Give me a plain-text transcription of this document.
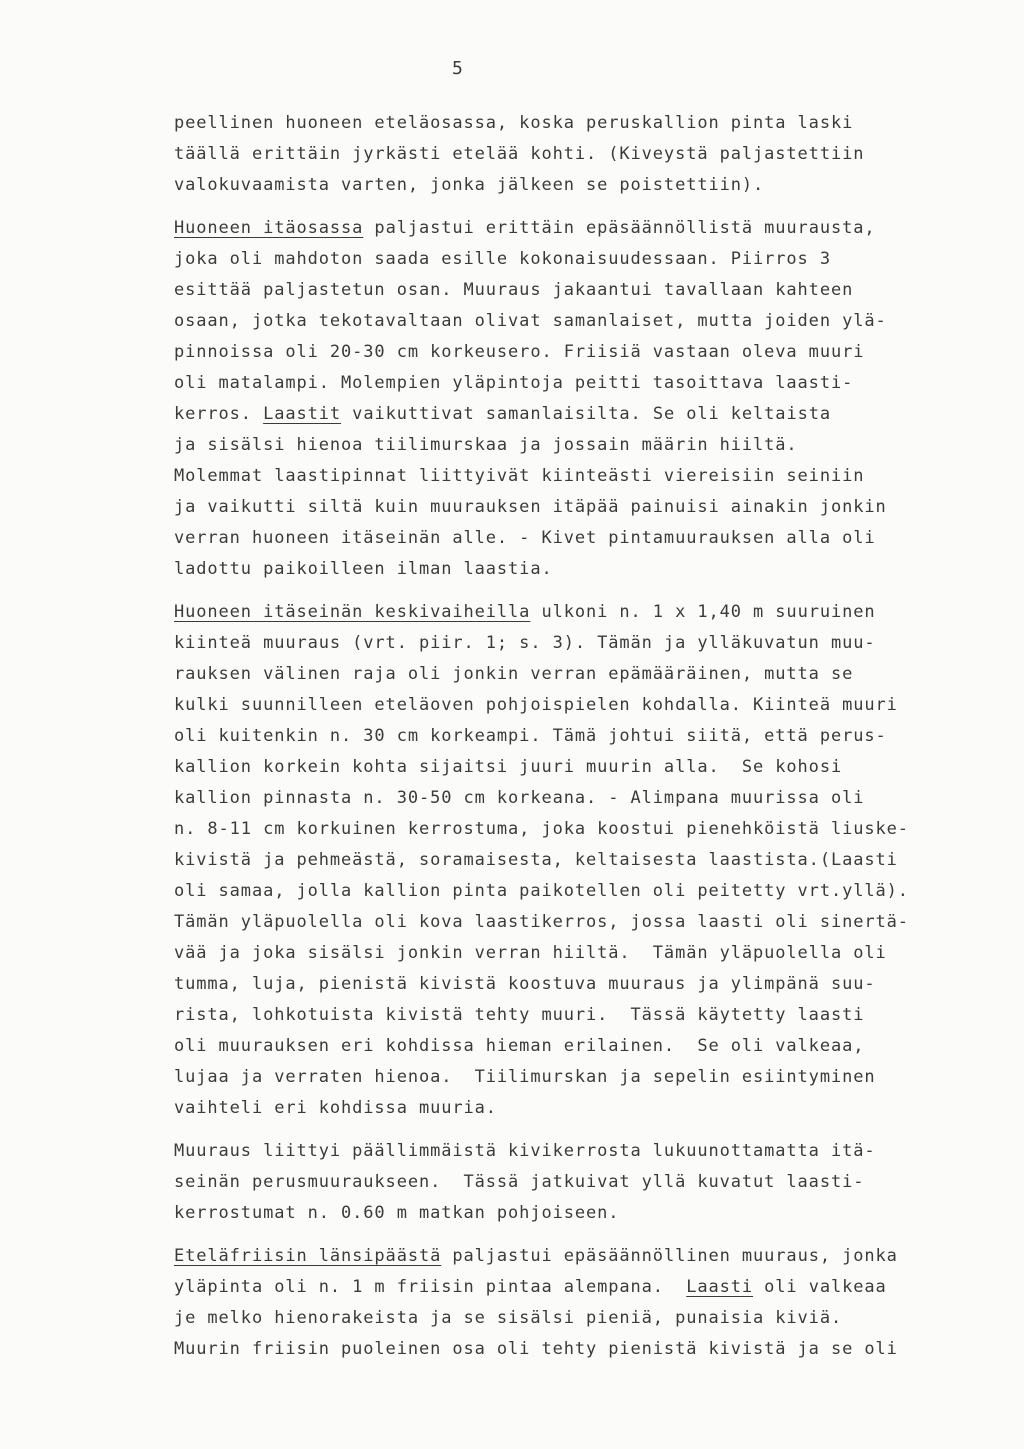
5

peellinen huoneen eteläosassa, koska peruskallion pinta laski
täällä erittäin jyrkästi etelää kohti. (Kiveystä paljastettiin
valokuvaamista varten, jonka jälkeen se poistettiin).

Huoneen itäosassa paljastui erittäin epäsäännöllistä muurausta,
joka oli mahdoton saada esille kokonaisuudessaan. Piirros 3
esittää paljastetun osan. Muuraus jakaantui tavallaan kahteen
osaan, jotka tekotavaltaan olivat samanlaiset, mutta joiden ylä-
pinnoissa oli 20-30 cm korkeusero. Friisiä vastaan oleva muuri
oli matalampi. Molempien yläpintoja peitti tasoittava laasti-
kerros. Laastit vaikuttivat samanlaisilta. Se oli keltaista
ja sisälsi hienoa tiilimurskaa ja jossain määrin hiiltä.
Molemmat laastipinnat liittyivät kiinteästi viereisiin seiniin
ja vaikutti siltä kuin muurauksen itäpää painuisi ainakin jonkin
verran huoneen itäseinän alle. - Kivet pintamuurauksen alla oli
ladottu paikoilleen ilman laastia.

Huoneen itäseinän keskivaiheilla ulkoni n. 1 x 1,40 m suuruinen
kiinteä muuraus (vrt. piir. 1; s. 3). Tämän ja ylläkuvatun muu-
rauksen välinen raja oli jonkin verran epämääräinen, mutta se
kulki suunnilleen eteläoven pohjoispielen kohdalla. Kiinteä muuri
oli kuitenkin n. 30 cm korkeampi. Tämä johtui siitä, että perus-
kallion korkein kohta sijaitsi juuri muurin alla.  Se kohosi
kallion pinnasta n. 30-50 cm korkeana. - Alimpana muurissa oli
n. 8-11 cm korkuinen kerrostuma, joka koostui pienehköistä liuske-
kivistä ja pehmeästä, soramaisesta, keltaisesta laastista.(Laasti
oli samaa, jolla kallion pinta paikotellen oli peitetty vrt.yllä).
Tämän yläpuolella oli kova laastikerros, jossa laasti oli sinertä-
vää ja joka sisälsi jonkin verran hiiltä.  Tämän yläpuolella oli
tumma, luja, pienistä kivistä koostuva muuraus ja ylimpänä suu-
rista, lohkotuista kivistä tehty muuri.  Tässä käytetty laasti
oli muurauksen eri kohdissa hieman erilainen.  Se oli valkeaa,
lujaa ja verraten hienoa.  Tiilimurskan ja sepelin esiintyminen
vaihteli eri kohdissa muuria.

Muuraus liittyi päällimmäistä kivikerrosta lukuunottamatta itä-
seinän perusmuuraukseen.  Tässä jatkuivat yllä kuvatut laasti-
kerrostumat n. 0.60 m matkan pohjoiseen.

Eteläfriisin länsipäästä paljastui epäsäännöllinen muuraus, jonka
yläpinta oli n. 1 m friisin pintaa alempana.  Laasti oli valkeaa
je melko hienorakeista ja se sisälsi pieniä, punaisia kiviä.
Muurin friisin puoleinen osa oli tehty pienistä kivistä ja se oli
